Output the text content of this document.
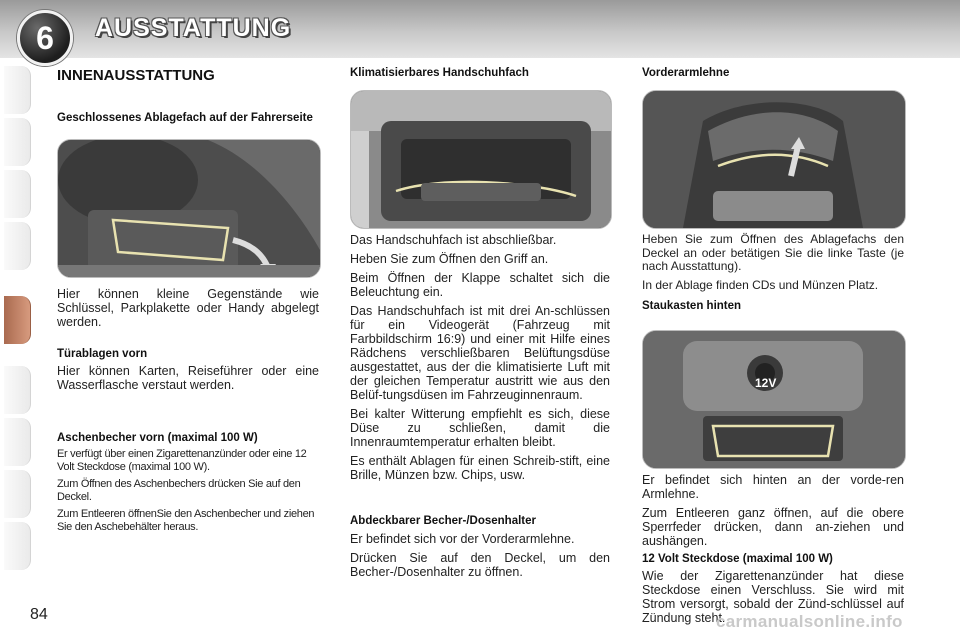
6	AUSSTATTUNG

INNENAUSSTATTUNG

Geschlossenes Ablagefach auf der Fahrerseite

Hier können kleine Gegenstände wie Schlüssel, Parkplakette oder Handy abgelegt werden.

Türablagen vorn

Hier können Karten, Reiseführer oder eine Wasserflasche verstaut werden.

Aschenbecher vorn (maximal 100 W)

Er verfügt über einen Zigarettenanzünder oder eine 12 Volt Steckdose (maximal 100 W).

Zum Öffnen des Aschenbechers drücken Sie auf den Deckel.

Zum Entleeren öffnenSie den Aschenbecher und ziehen Sie den Aschebehälter heraus.

Klimatisierbares Handschuhfach

Das Handschuhfach ist abschließbar.

Heben Sie zum Öffnen den Griff an.

Beim Öffnen der Klappe schaltet sich die Beleuchtung ein.

Das Handschuhfach ist mit drei An-schlüssen für ein Videogerät (Fahrzeug mit Farbbildschirm 16:9) und einer mit Hilfe eines Rädchens verschließbaren Belüftungsdüse ausgestattet, aus der die klimatisierte Luft mit der gleichen Temperatur austritt wie aus den Belüf-tungsdüsen im Fahrzeuginnenraum.

Bei kalter Witterung empfiehlt es sich, diese Düse zu schließen, damit die Innenraumtemperatur erhalten bleibt.

Es enthält Ablagen für einen Schreib-stift, eine Brille, Münzen bzw. Chips, usw.

Abdeckbarer Becher-/Dosenhalter

Er befindet sich vor der Vorderarmlehne.

Drücken Sie auf den Deckel, um den Becher-/Dosenhalter zu öffnen.

Vorderarmlehne

Heben Sie zum Öffnen des Ablagefachs den Deckel an oder betätigen Sie die linke Taste (je nach Ausstattung).

In der Ablage finden CDs und Münzen Platz.

Staukasten hinten

12V

Er befindet sich hinten an der vorde-ren Armlehne.

Zum Entleeren ganz öffnen, auf die obere Sperrfeder drücken, dann an-ziehen und aushängen.

12 Volt Steckdose (maximal 100 W)

Wie der Zigarettenanzünder hat diese Steckdose einen Verschluss. Sie wird mit Strom versorgt, sobald der Zünd-schlüssel auf Zündung steht.

84	carmanualsonline.info
